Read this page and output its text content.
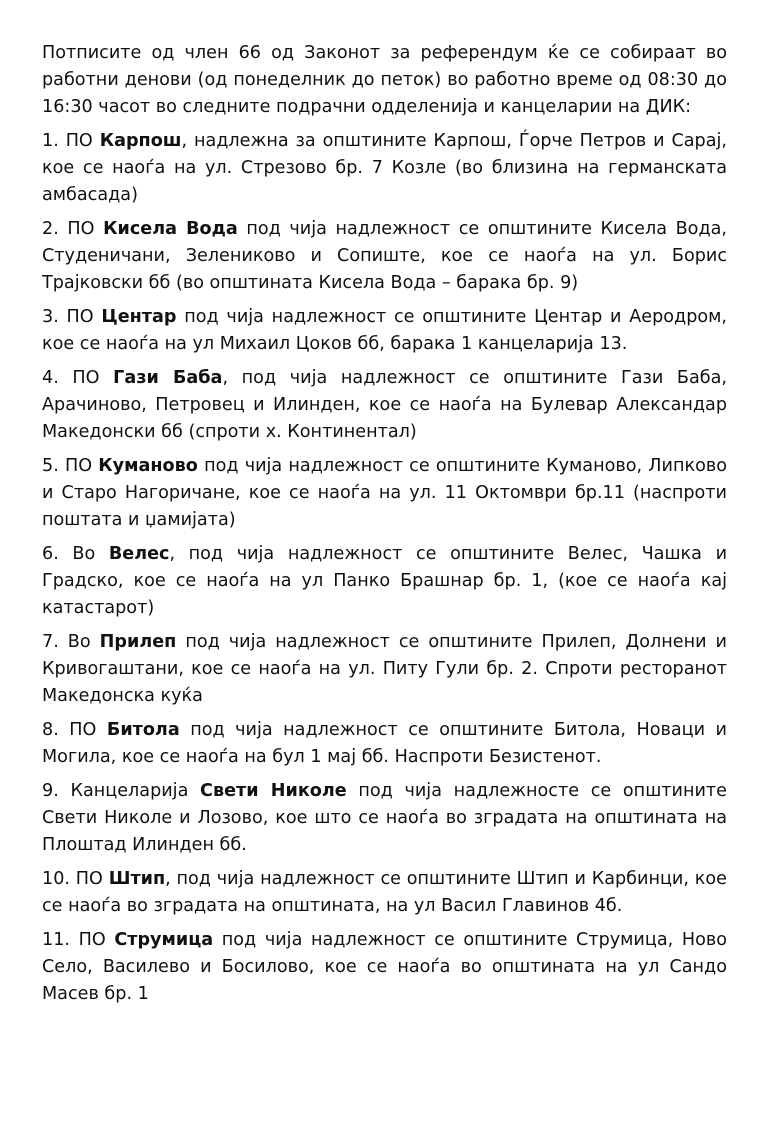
Потписите од член 66 од Законот за референдум ќе се собираат во работни денови (од понеделник до петок) во работно време од 08:30 до 16:30 часот во следните подрачни одделенија и канцеларии на ДИК:

1. ПО Карпош, надлежна за општините Карпош, Ѓорче Петров и Сарај, кое се наоѓа на ул. Стрезово бр. 7 Козле (во близина на германската амбасада)

2. ПО Кисела Вода под чија надлежност се општините Кисела Вода, Студеничани, Зелениково и Сопиште, кое се наоѓа на ул. Борис Трајковски бб (во општината Кисела Вода – барака бр. 9)

3. ПО Центар под чија надлежност се општините Центар и Аеродром, кое се наоѓа на ул Михаил Цоков бб, барака 1 канцеларија 13.

4. ПО Гази Баба, под чија надлежност се општините Гази Баба, Арачиново, Петровец и Илинден, кое се наоѓа на Булевар Александар Македонски бб (спроти х. Континентал)

5. ПО Куманово под чија надлежност се општините Куманово, Липково и Старо Нагоричане, кое се наоѓа на ул. 11 Октомври бр.11 (наспроти поштата и џамијата)

6. Во Велес, под чија надлежност се општините Велес, Чашка и Градско, кое се наоѓа на ул Панко Брашнар бр. 1, (кое се наоѓа кај катастарот)

7. Во Прилеп под чија надлежност се општините Прилеп, Долнени и Кривогаштани, кое се наоѓа на ул. Питу Гули бр. 2. Спроти ресторанот Македонска куќа

8. ПО Битола под чија надлежност се општините Битола, Новаци и Могила, кое се наоѓа на бул 1 мај бб. Наспроти Безистенот.

9. Канцеларија Свети Николе под чија надлежносте се општините Свети Николе и Лозово, кое што се наоѓа во зградата на општината на Плоштад Илинден бб.

10. ПО Штип, под чија надлежност се општините Штип и Карбинци, кое се наоѓа во зградата на општината, на ул Васил Главинов 4б.

11. ПО Струмица под чија надлежност се општините Струмица, Ново Село, Василево и Босилово, кое се наоѓа во општината на ул Сандо Масев бр. 1
